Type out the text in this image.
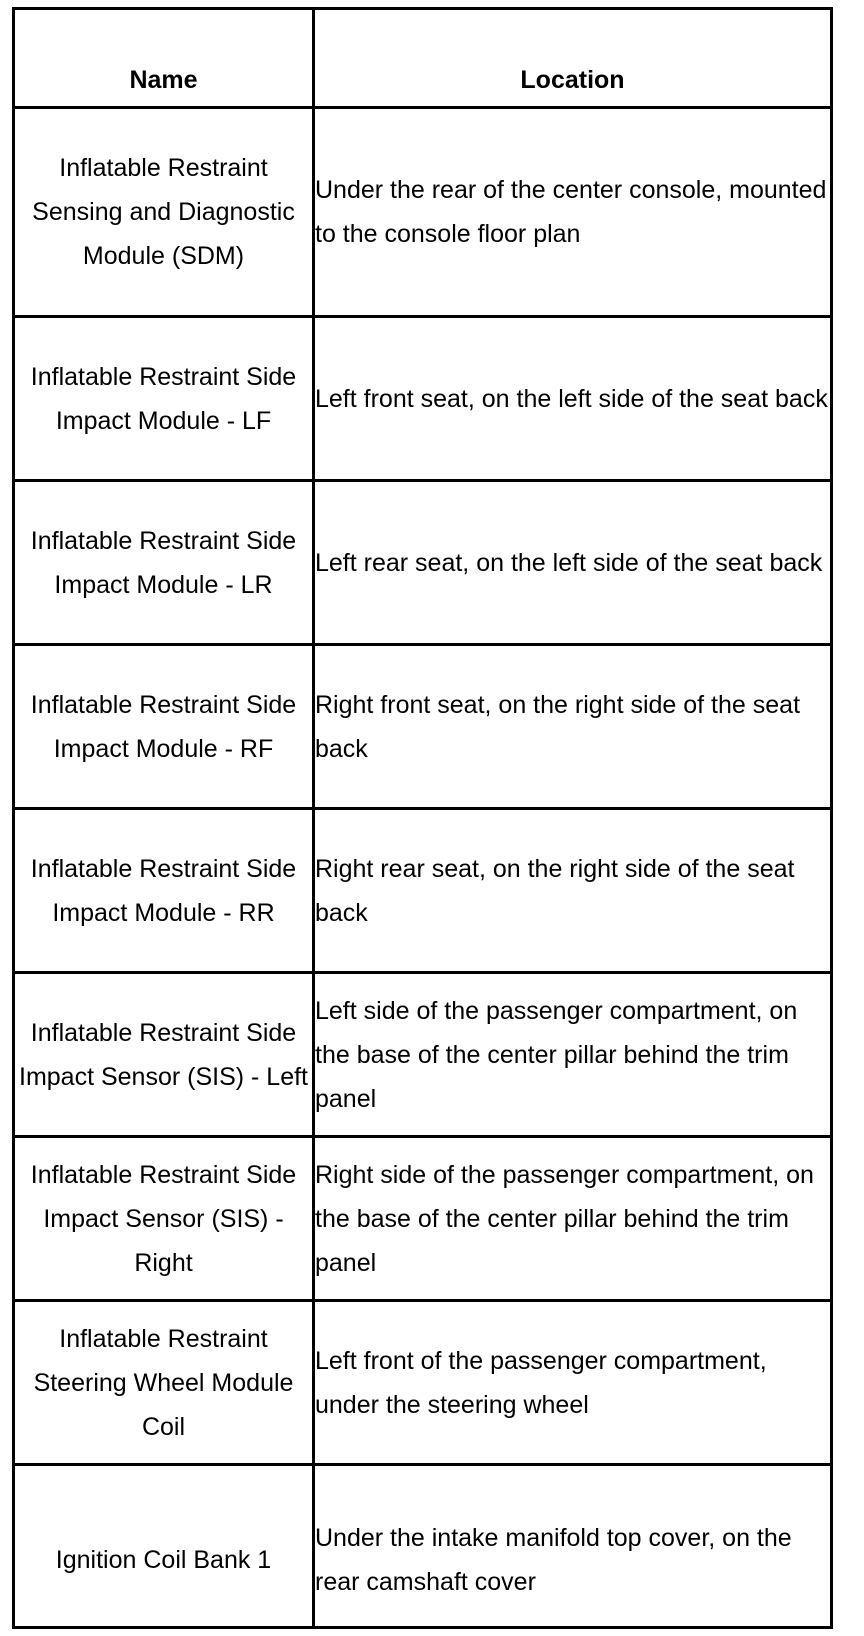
Name	Location

Inflatable Restraint Sensing and Diagnostic Module (SDM)	Under the rear of the center console, mounted to the console floor plan

Inflatable Restraint Side Impact Module - LF	Left front seat, on the left side of the seat back

Inflatable Restraint Side Impact Module - LR	Left rear seat, on the left side of the seat back

Inflatable Restraint Side Impact Module - RF	Right front seat, on the right side of the seat back

Inflatable Restraint Side Impact Module - RR	Right rear seat, on the right side of the seat back

Inflatable Restraint Side Impact Sensor (SIS) - Left	Left side of the passenger compartment, on the base of the center pillar behind the trim panel

Inflatable Restraint Side Impact Sensor (SIS) - Right	Right side of the passenger compartment, on the base of the center pillar behind the trim panel

Inflatable Restraint Steering Wheel Module Coil	Left front of the passenger compartment, under the steering wheel

Ignition Coil Bank 1	Under the intake manifold top cover, on the rear camshaft cover
